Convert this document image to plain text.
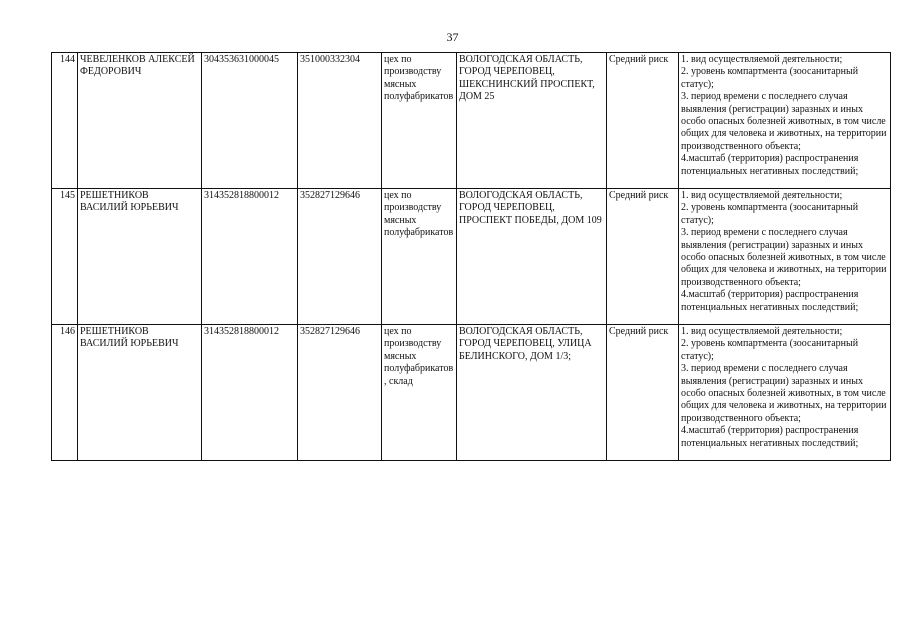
37
144	ЧЕВЕЛЕНКОВ АЛЕКСЕЙ ФЕДОРОВИЧ	304353631000045	351000332304	цех по производству мясных полуфабрикатов	ВОЛОГОДСКАЯ ОБЛАСТЬ, ГОРОД ЧЕРЕПОВЕЦ, ШЕКСНИНСКИЙ ПРОСПЕКТ, ДОМ 25	Средний риск	1. вид осуществляемой деятельности;
2. уровень компартмента (зоосанитарный статус);
3. период времени с последнего случая выявления (регистрации) заразных и иных особо опасных болезней животных, в том числе общих для человека и животных, на территории производственного объекта;
4.масштаб (территория) распространения потенциальных негативных последствий;

145	РЕШЕТНИКОВ ВАСИЛИЙ ЮРЬЕВИЧ	314352818800012	352827129646	цех по производству мясных полуфабрикатов	ВОЛОГОДСКАЯ ОБЛАСТЬ, ГОРОД ЧЕРЕПОВЕЦ, ПРОСПЕКТ ПОБЕДЫ, ДОМ 109	Средний риск	1. вид осуществляемой деятельности;
2. уровень компартмента (зоосанитарный статус);
3. период времени с последнего случая выявления (регистрации) заразных и иных особо опасных болезней животных, в том числе общих для человека и животных, на территории производственного объекта;
4.масштаб (территория) распространения потенциальных негативных последствий;

146	РЕШЕТНИКОВ ВАСИЛИЙ ЮРЬЕВИЧ	314352818800012	352827129646	цех по производству мясных полуфабрикатов, склад	ВОЛОГОДСКАЯ ОБЛАСТЬ, ГОРОД ЧЕРЕПОВЕЦ, УЛИЦА БЕЛИНСКОГО, ДОМ 1/3;	Средний риск	1. вид осуществляемой деятельности;
2. уровень компартмента (зоосанитарный статус);
3. период времени с последнего случая выявления (регистрации) заразных и иных особо опасных болезней животных, в том числе общих для человека и животных, на территории производственного объекта;
4.масштаб (территория) распространения потенциальных негативных последствий;
